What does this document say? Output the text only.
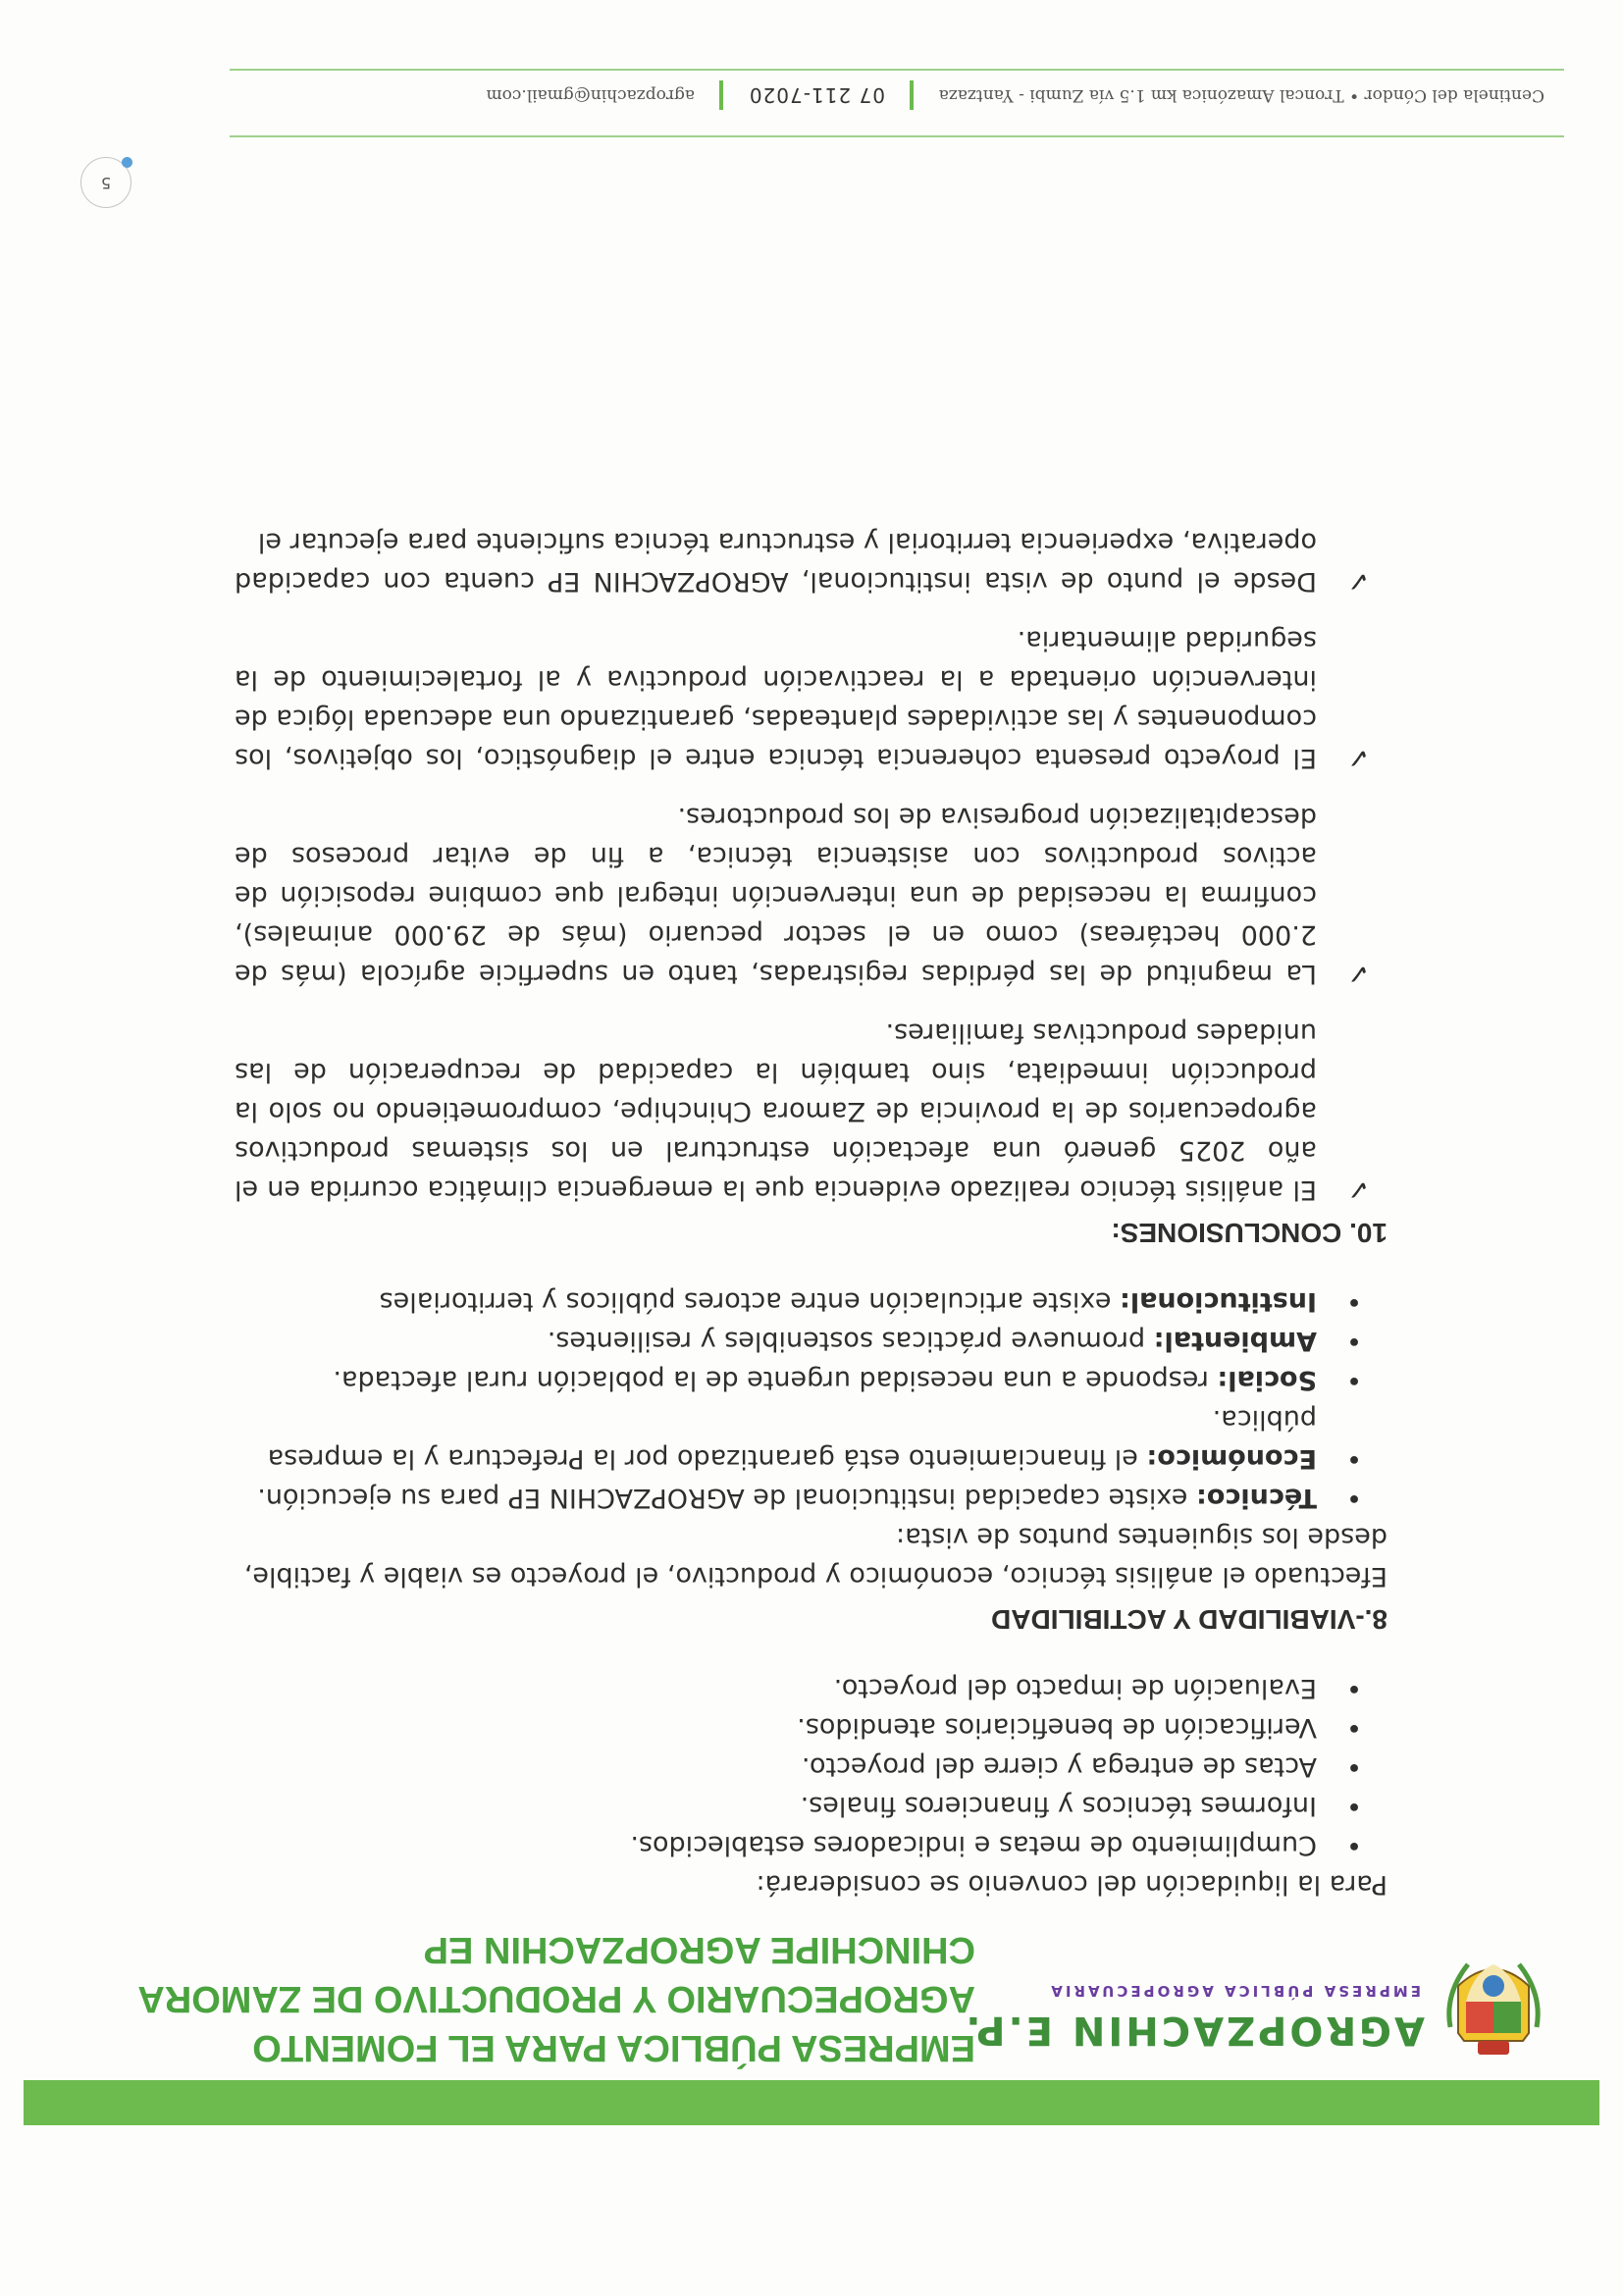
AGROPZACHIN E.P.
EMPRESA PÚBLICA AGROPECUARIA
EMPRESA PÚBLICA PARA EL FOMENTO AGROPECUARIO Y PRODUCTIVO DE ZAMORA CHINCHIPE AGROPZACHIN EP

Para la liquidación del convenio se considerará:

• Cumplimiento de metas e indicadores establecidos.
• Informes técnicos y financieros finales.
• Actas de entrega y cierre del proyecto.
• Verificación de beneficiarios atendidos.
• Evaluación de impacto del proyecto.
8.-VIABILIDAD Y ACTIBILIDAD

Efectuado el análisis técnico, económico y productivo, el proyecto es viable y factible, desde los siguientes puntos de vista:

• Técnico: existe capacidad institucional de AGROPZACHIN EP para su ejecución.
• Económico: el financiamiento está garantizado por la Prefectura y la empresa pública.
• Social: responde a una necesidad urgente de la población rural afectada.
• Ambiental: promueve prácticas sostenibles y resilientes.
• Institucional: existe articulación entre actores públicos y territoriales
10. CONCLUSIONES:
✓
El análisis técnico realizado evidencia que la emergencia climática ocurrida en el año 2025 generó una afectación estructural en los sistemas productivos agropecuarios de la provincia de Zamora Chinchipe, comprometiendo no solo la producción inmediata, sino también la capacidad de recuperación de las unidades productivas familiares.
✓
La magnitud de las pérdidas registradas, tanto en superficie agrícola (más de 2.000 hectáreas) como en el sector pecuario (más de 29.000 animales), confirma la necesidad de una intervención integral que combine reposición de activos productivos con asistencia técnica, a fin de evitar procesos de descapitalización progresiva de los productores.
✓
El proyecto presenta coherencia técnica entre el diagnóstico, los objetivos, los componentes y las actividades planteadas, garantizando una adecuada lógica de intervención orientada a la reactivación productiva y al fortalecimiento de la seguridad alimentaria.
✓
Desde el punto de vista institucional, AGROPZACHIN EP cuenta con capacidad operativa, experiencia territorial y estructura técnica suficiente para ejecutar el
5
Centinela del Cóndor • Troncal Amazónica km 1.5 vía Zumbi - Yantzaza  07 211-7020  agropzachin@gmail.com
